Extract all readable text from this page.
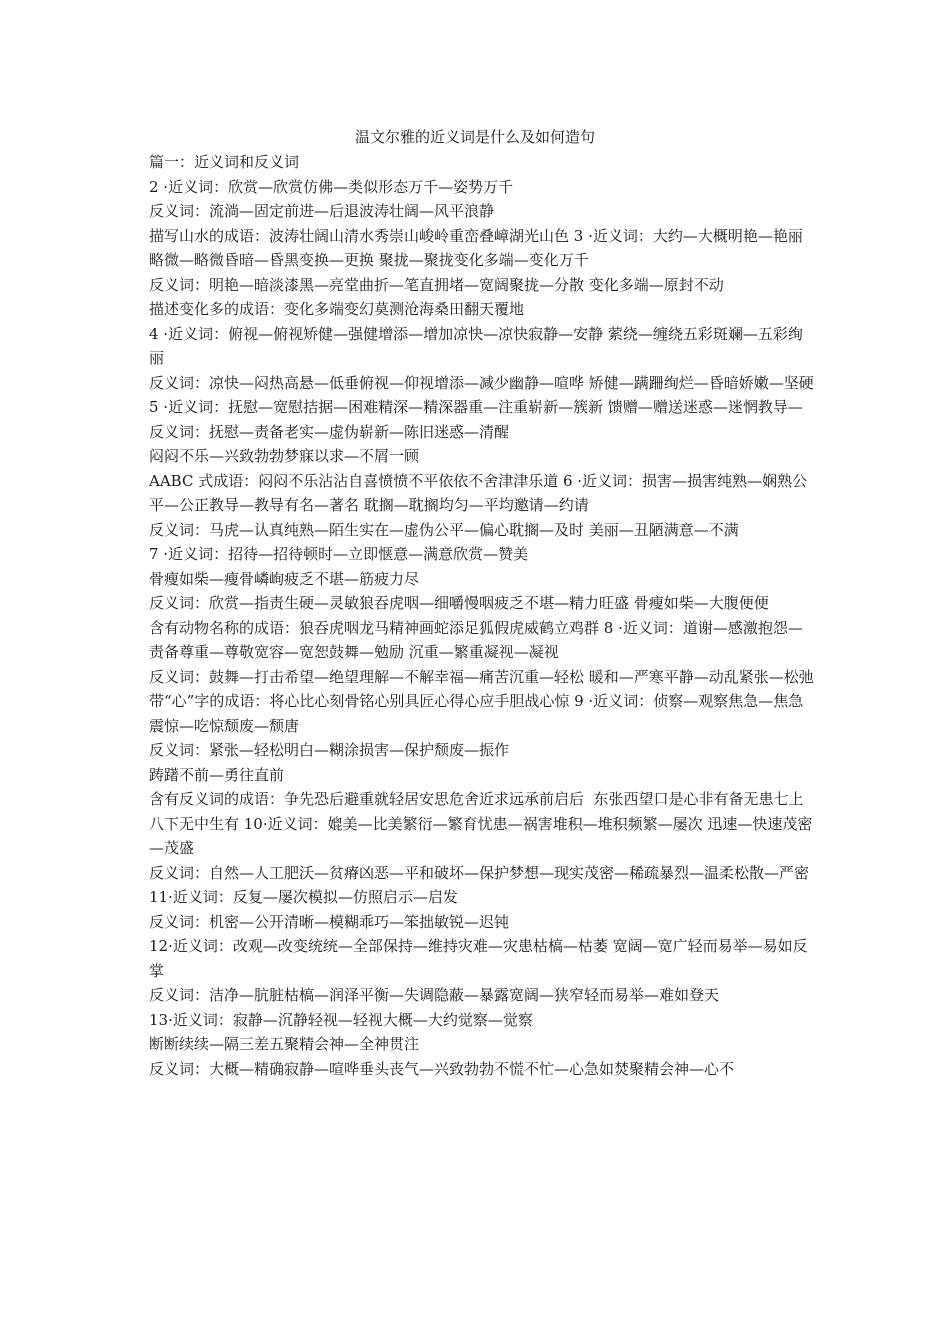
温文尔雅的近义词是什么及如何造句

篇一：近义词和反义词

2 ·近义词：欣赏—欣赏仿佛—类似形态万千—姿势万千

反义词：流淌—固定前进—后退波涛壮阔—风平浪静

描写山水的成语：波涛壮阔山清水秀崇山峻岭重峦叠嶂湖光山色 3 ·近义词：大约—大概明艳—艳丽略微—略微昏暗—昏黑变换—更换 聚拢—聚拢变化多端—变化万千

反义词：明艳—暗淡漆黑—亮堂曲折—笔直拥堵—宽阔聚拢—分散 变化多端—原封不动

描述变化多的成语：变化多端变幻莫测沧海桑田翻天覆地

4 ·近义词：俯视—俯视矫健—强健增添—增加凉快—凉快寂静—安静 萦绕—缠绕五彩斑斓—五彩绚丽

反义词：凉快—闷热高悬—低垂俯视—仰视增添—减少幽静—喧哗 矫健—蹒跚绚烂—昏暗娇嫩—坚硬

5 ·近义词：抚慰—宽慰拮据—困难精深—精深器重—注重崭新—簇新 馈赠—赠送迷惑—迷惘教导—

反义词：抚慰—责备老实—虚伪崭新—陈旧迷惑—清醒

闷闷不乐—兴致勃勃梦寐以求—不屑一顾

AABC 式成语：闷闷不乐沾沾自喜愤愤不平依依不舍津津乐道 6 ·近义词：损害—损害纯熟—娴熟公平—公正教导—教导有名—著名 耽搁—耽搁均匀—平均邀请—约请

反义词：马虎—认真纯熟—陌生实在—虚伪公平—偏心耽搁—及时 美丽—丑陋满意—不满

7 ·近义词：招待—招待顿时—立即惬意—满意欣赏—赞美

骨瘦如柴—瘦骨嶙峋疲乏不堪—筋疲力尽

反义词：欣赏—指责生硬—灵敏狼吞虎咽—细嚼慢咽疲乏不堪—精力旺盛 骨瘦如柴—大腹便便

含有动物名称的成语：狼吞虎咽龙马精神画蛇添足狐假虎威鹤立鸡群 8 ·近义词：道谢—感激抱怨—责备尊重—尊敬宽容—宽恕鼓舞—勉励 沉重—繁重凝视—凝视

反义词：鼓舞—打击希望—绝望理解—不解幸福—痛苦沉重—轻松 暖和—严寒平静—动乱紧张—松弛

带“心”字的成语：将心比心刻骨铭心别具匠心得心应手胆战心惊 9 ·近义词：侦察—观察焦急—焦急震惊—吃惊颓废—颓唐

反义词：紧张—轻松明白—糊涂损害—保护颓废—振作

踌躇不前—勇往直前

含有反义词的成语：争先恐后避重就轻居安思危舍近求远承前启后  东张西望口是心非有备无患七上八下无中生有 10·近义词：媲美—比美繁衍—繁育忧患—祸害堆积—堆积频繁—屡次 迅速—快速茂密—茂盛

反义词：自然—人工肥沃—贫瘠凶恶—平和破坏—保护梦想—现实茂密—稀疏暴烈—温柔松散—严密

11·近义词：反复—屡次模拟—仿照启示—启发

反义词：机密—公开清晰—模糊乖巧—笨拙敏锐—迟钝

12·近义词：改观—改变统统—全部保持—维持灾难—灾患枯槁—枯萎 宽阔—宽广轻而易举—易如反掌

反义词：洁净—肮脏枯槁—润泽平衡—失调隐蔽—暴露宽阔—狭窄轻而易举—难如登天

13·近义词：寂静—沉静轻视—轻视大概—大约觉察—觉察

断断续续—隔三差五聚精会神—全神贯注

反义词：大概—精确寂静—喧哗垂头丧气—兴致勃勃不慌不忙—心急如焚聚精会神—心不
